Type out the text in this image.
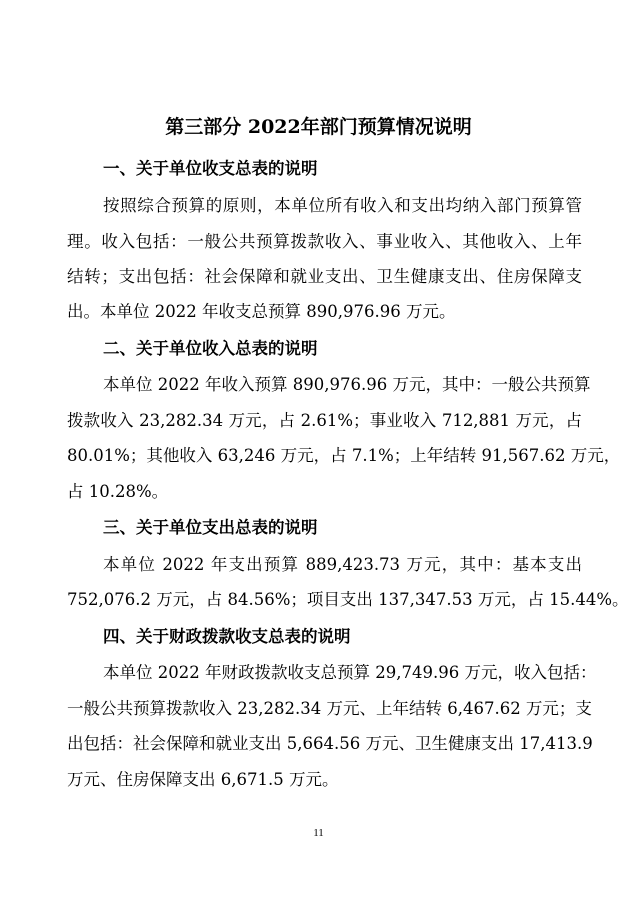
第三部分 2022年部门预算情况说明
一、关于单位收支总表的说明
按照综合预算的原则，本单位所有收入和支出均纳入部门预算管
理。收入包括：一般公共预算拨款收入、事业收入、其他收入、上年
结转；支出包括：社会保障和就业支出、卫生健康支出、住房保障支
出。本单位 2022 年收支总预算 890,976.96 万元。
二、关于单位收入总表的说明
本单位 2022 年收入预算 890,976.96 万元，其中：一般公共预算
拨款收入 23,282.34 万元，占 2.61%；事业收入 712,881 万元，占
80.01%；其他收入 63,246 万元，占 7.1%；上年结转 91,567.62 万元，
占 10.28%。
三、关于单位支出总表的说明
本单位 2022 年支出预算 889,423.73 万元，其中：基本支出
752,076.2 万元，占 84.56%；项目支出 137,347.53 万元，占 15.44%。
四、关于财政拨款收支总表的说明
本单位 2022 年财政拨款收支总预算 29,749.96 万元，收入包括：
一般公共预算拨款收入 23,282.34 万元、上年结转 6,467.62 万元；支
出包括：社会保障和就业支出 5,664.56 万元、卫生健康支出 17,413.9
万元、住房保障支出 6,671.5 万元。
11
